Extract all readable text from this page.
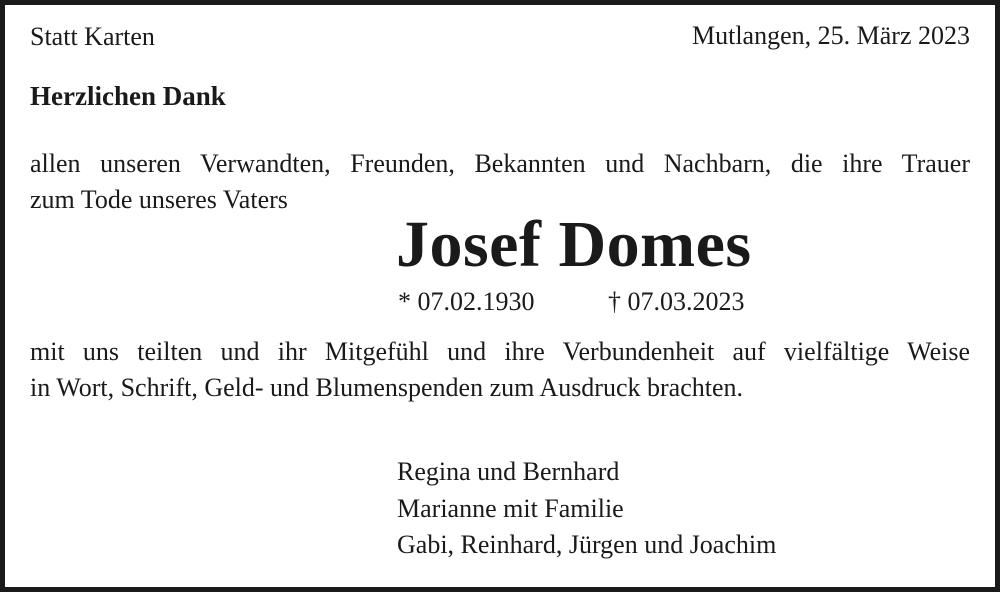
Statt Karten	Mutlangen, 25. März 2023
Herzlichen Dank
allen unseren Verwandten, Freunden, Bekannten und Nachbarn, die ihre Trauer
zum Tode unseres Vaters
Josef Domes
* 07.02.1930	† 07.03.2023
mit uns teilten und ihr Mitgefühl und ihre Verbundenheit auf vielfältige Weise
in Wort, Schrift, Geld- und Blumenspenden zum Ausdruck brachten.
Regina und Bernhard
Marianne mit Familie
Gabi, Reinhard, Jürgen und Joachim
